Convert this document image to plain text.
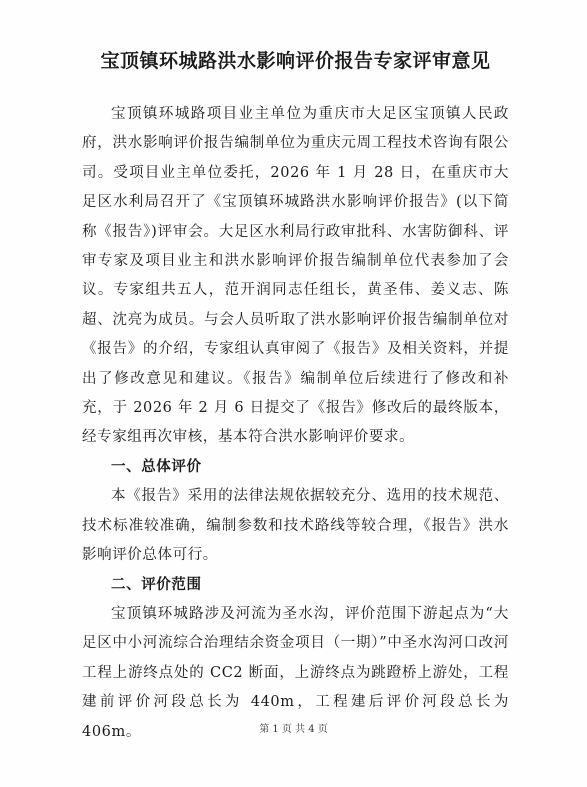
宝顶镇环城路洪水影响评价报告专家评审意见

宝顶镇环城路项目业主单位为重庆市大足区宝顶镇人民政府，洪水影响评价报告编制单位为重庆元周工程技术咨询有限公司。受项目业主单位委托，2026 年 1 月 28 日，在重庆市大足区水利局召开了《宝顶镇环城路洪水影响评价报告》(以下简称《报告》)评审会。大足区水利局行政审批科、水害防御科、评审专家及项目业主和洪水影响评价报告编制单位代表参加了会议。专家组共五人，范开润同志任组长，黄圣伟、姜义志、陈超、沈亮为成员。与会人员听取了洪水影响评价报告编制单位对《报告》的介绍，专家组认真审阅了《报告》及相关资料，并提出了修改意见和建议。《报告》编制单位后续进行了修改和补充，于 2026 年 2 月 6 日提交了《报告》修改后的最终版本，经专家组再次审核，基本符合洪水影响评价要求。

一、总体评价

本《报告》采用的法律法规依据较充分、选用的技术规范、技术标准较准确，编制参数和技术路线等较合理，《报告》洪水影响评价总体可行。

二、评价范围

宝顶镇环城路涉及河流为圣水沟，评价范围下游起点为“大足区中小河流综合治理结余资金项目（一期）”中圣水沟河口改河工程上游终点处的 CC2 断面，上游终点为跳蹬桥上游处，工程建前评价河段总长为 440m，工程建后评价河段总长为 406m。	第 1 页 共 4 页
